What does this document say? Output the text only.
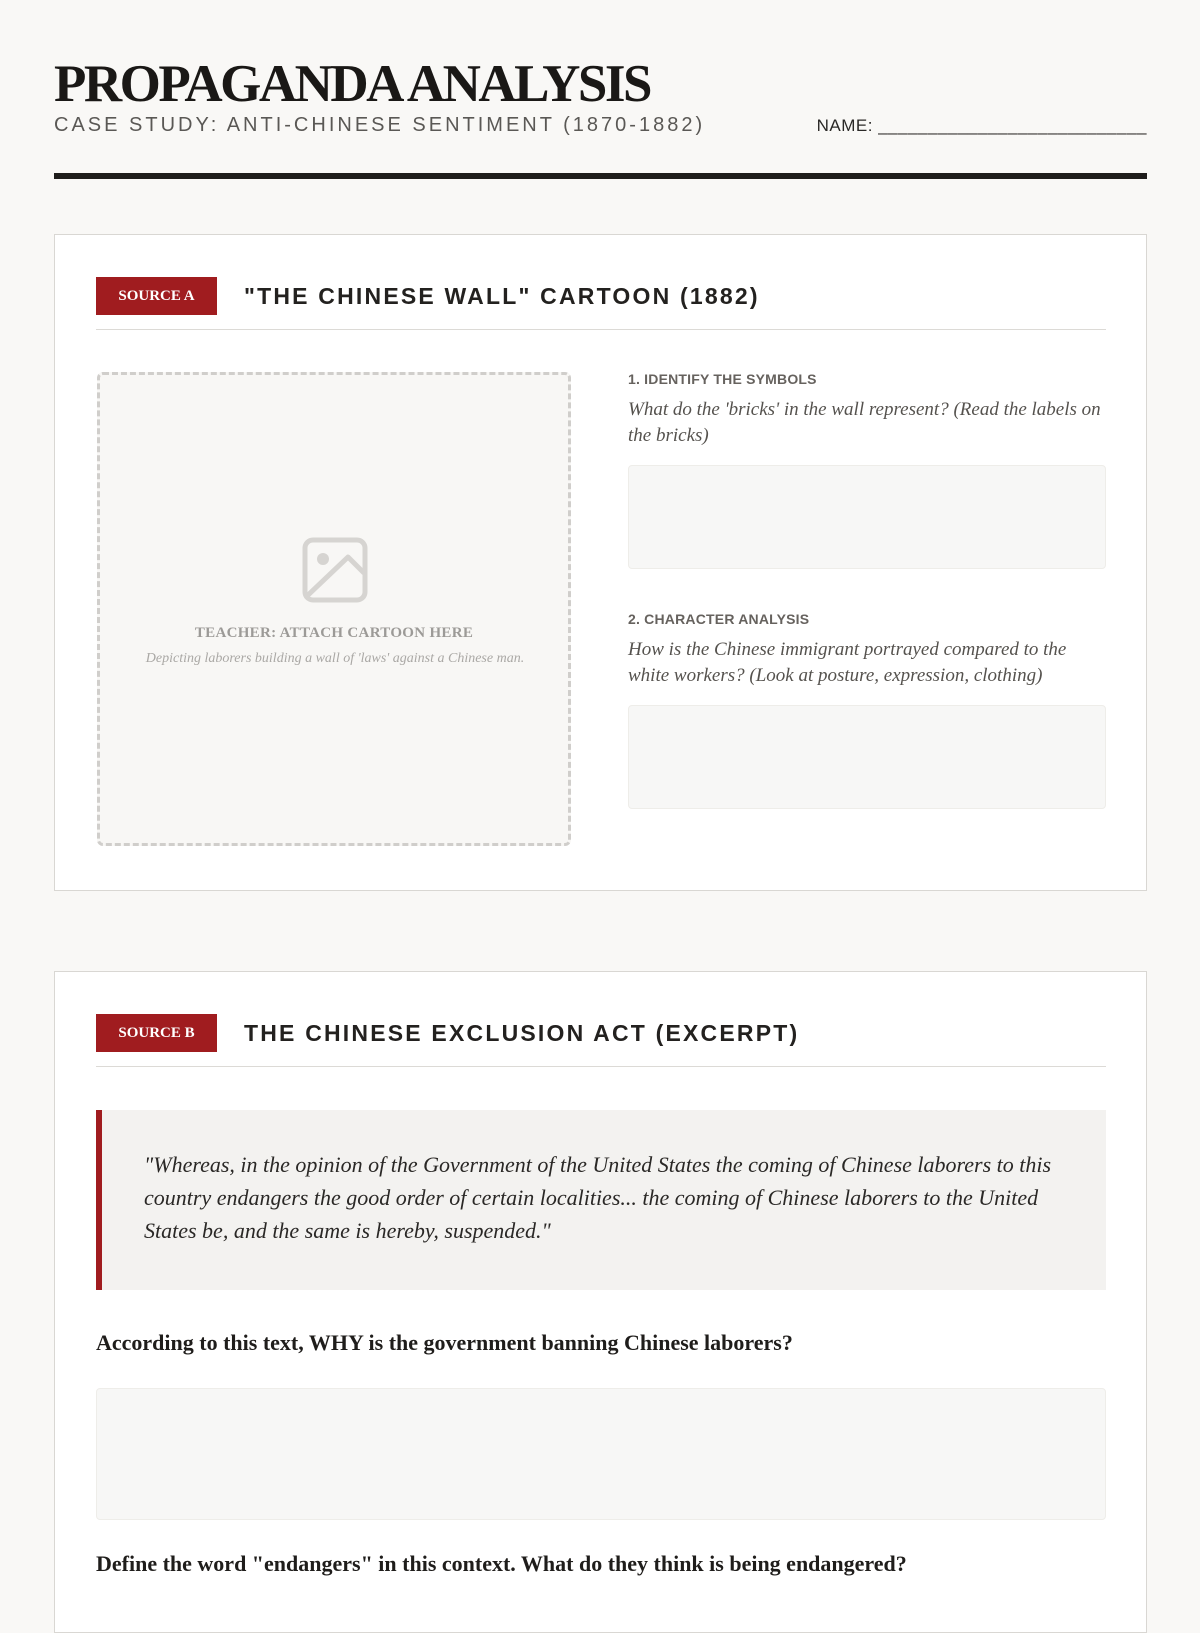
PROPAGANDA ANALYSIS
CASE STUDY: ANTI-CHINESE SENTIMENT (1870-1882)	NAME: ___________________________
SOURCE A	"THE CHINESE WALL" CARTOON (1882)
TEACHER: ATTACH CARTOON HERE
Depicting laborers building a wall of 'laws' against a Chinese man.
1. IDENTIFY THE SYMBOLS
What do the 'bricks' in the wall represent? (Read the labels on the bricks)
2. CHARACTER ANALYSIS
How is the Chinese immigrant portrayed compared to the white workers? (Look at posture, expression, clothing)
SOURCE B	THE CHINESE EXCLUSION ACT (EXCERPT)
"Whereas, in the opinion of the Government of the United States the coming of Chinese laborers to this country endangers the good order of certain localities... the coming of Chinese laborers to the United States be, and the same is hereby, suspended."
According to this text, WHY is the government banning Chinese laborers?
Define the word "endangers" in this context. What do they think is being endangered?
